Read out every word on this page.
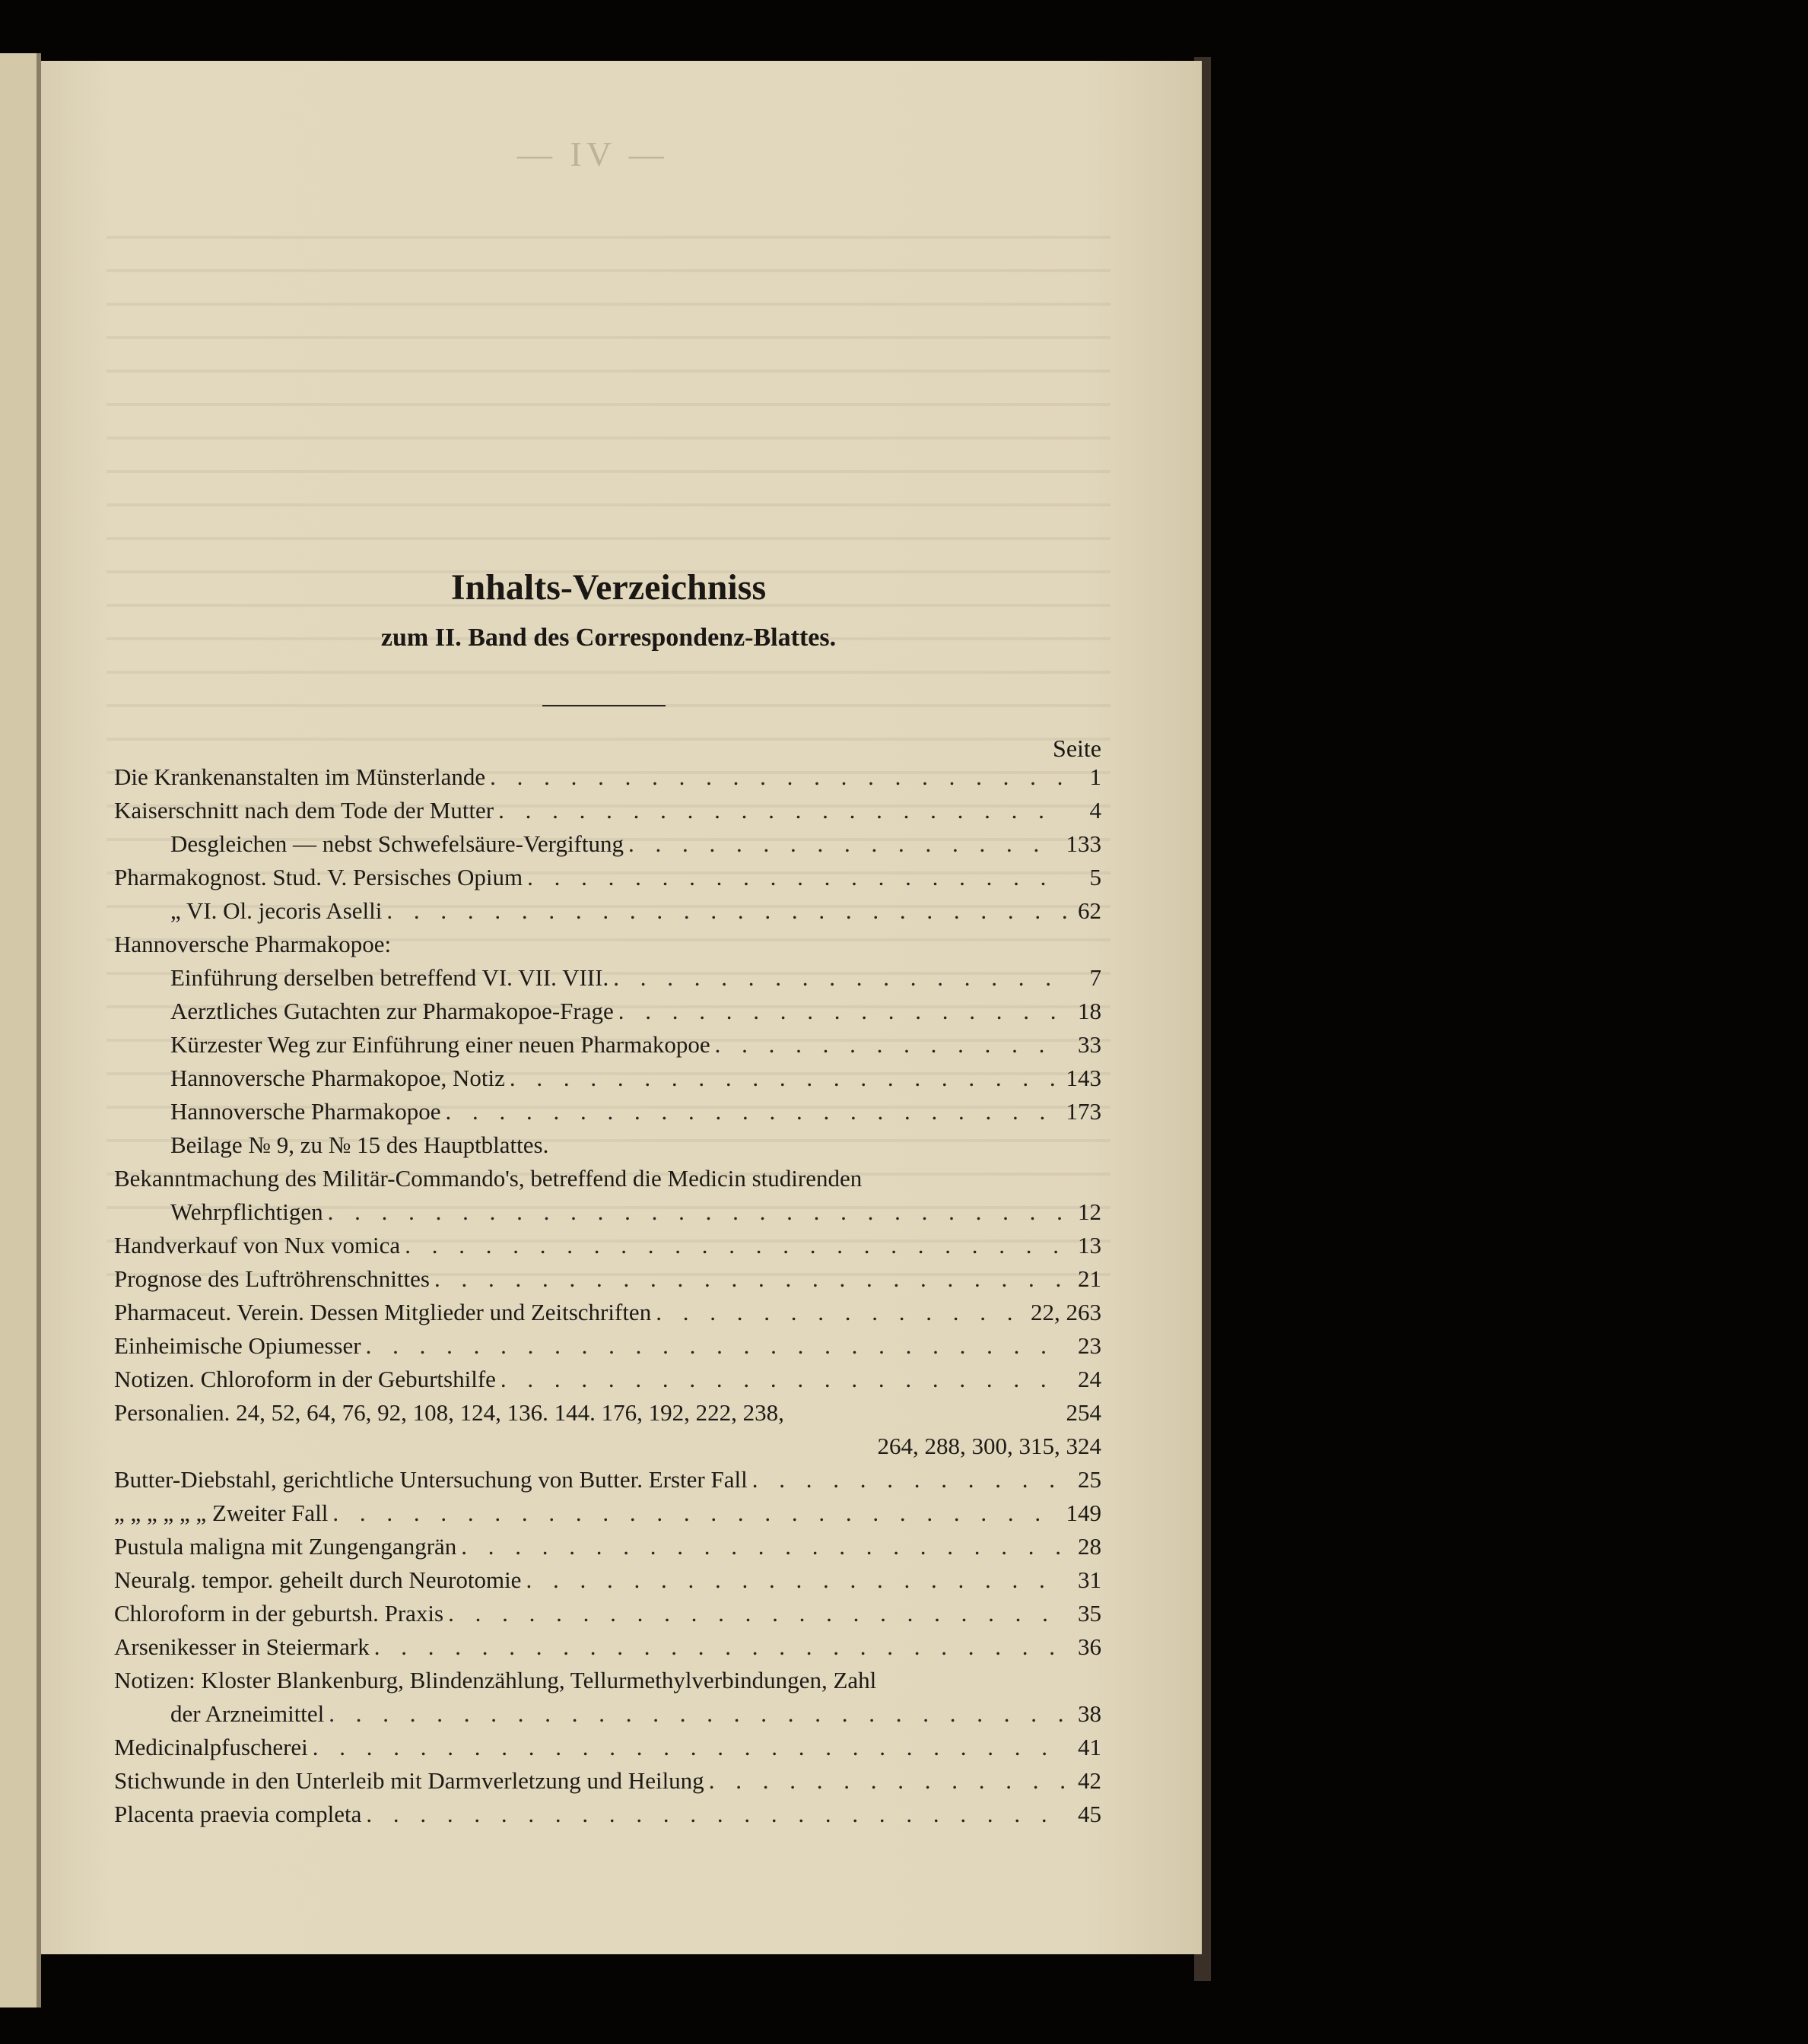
— IV —
Inhalts-Verzeichniss
zum II. Band des Correspondenz-Blattes.
Seite
Die Krankenanstalten im Münsterlande . . .	1
Kaiserschnitt nach dem Tode der Mutter . . .	4
Desgleichen — nebst Schwefelsäure-Vergiftung . . .	133
Pharmakognost. Stud. V. Persisches Opium . . .	5
„ VI. Ol. jecoris Aselli . . .	62
Hannoversche Pharmakopoe:
Einführung derselben betreffend VI. VII. VIII. . . .	7
Aerztliches Gutachten zur Pharmakopoe-Frage . . .	18
Kürzester Weg zur Einführung einer neuen Pharmakopoe . . .	33
Hannoversche Pharmakopoe, Notiz . . .	143
Hannoversche Pharmakopoe . . .	173
Beilage № 9, zu № 15 des Hauptblattes.
Bekanntmachung des Militär-Commando's, betreffend die Medicin studirenden
Wehrpflichtigen . . .	12
Handverkauf von Nux vomica . . .	13
Prognose des Luftröhrenschnittes . . .	21
Pharmaceut. Verein. Dessen Mitglieder und Zeitschriften . . .	22, 263
Einheimische Opiumesser . . .	23
Notizen. Chloroform in der Geburtshilfe . . .	24
Personalien. 24, 52, 64, 76, 92, 108, 124, 136. 144. 176, 192, 222, 238,	254
264, 288, 300, 315, 324
Butter-Diebstahl, gerichtliche Untersuchung von Butter. Erster Fall . . .	25
„ „ „ „ „ „ Zweiter Fall . . .	149
Pustula maligna mit Zungengangrän . . .	28
Neuralg. tempor. geheilt durch Neurotomie . . .	31
Chloroform in der geburtsh. Praxis . . .	35
Arsenikesser in Steiermark . . .	36
Notizen: Kloster Blankenburg, Blindenzählung, Tellurmethylverbindungen, Zahl
der Arzneimittel . . .	38
Medicinalpfuscherei . . .	41
Stichwunde in den Unterleib mit Darmverletzung und Heilung . . .	42
Placenta praevia completa . . .	45
